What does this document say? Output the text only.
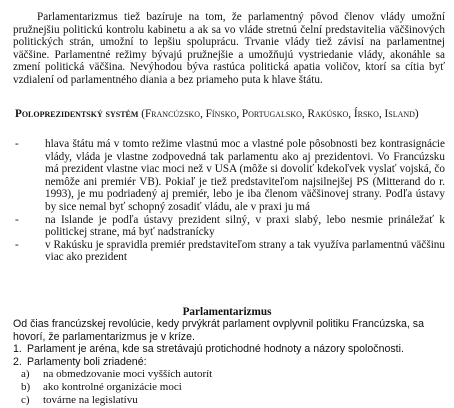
Parlamentarizmus tiež bazíruje na tom, že parlamentný pôvod členov vlády umožní pružnejšiu politickú kontrolu kabinetu a ak sa vo vláde stretnú čelní predstavitelia väčšinových politických strán, umožní to lepšiu spoluprácu. Trvanie vlády tiež závisí na parlamentnej väčšine. Parlamentné režimy bývajú pružnejšie a umožňujú vystriedanie vlády, akonáhle sa zmení politická väčšina. Nevýhodou býva rastúca politická apatia voličov, ktorí sa cítia byť vzdialení od parlamentného diania a bez priameho puta k hlave štátu.

Poloprezidentský systém (Francúzsko, Fínsko, Portugalsko, Rakúsko, Írsko, Island)
- hlava štátu má v tomto režime vlastnú moc a vlastné pole pôsobnosti bez kontrasignácie vlády, vláda je vlastne zodpovedná tak parlamentu ako aj prezidentovi. Vo Francúzsku má prezident vlastne viac moci než v USA (môže si dovoliť kdekoľvek vyslať vojská, čo nemôže ani premiér VB). Pokiaľ je tiež predstaviteľom najsilnejšej PS (Mitterand do r. 1993), je mu podriadený aj premiér, lebo je iba členom väčšinovej strany. Podľa ústavy by sice nemal byť schopný zosadiť vládu, ale v praxi ju má
- na Islande je podľa ústavy prezident silný, v praxi slabý, lebo nesmie prináležať k politickej strane, má byť nadstranícky
- v Rakúsku je spravidla premiér predstaviteľom strany a tak využíva parlamentnú väčšinu viac ako prezident
Parlamentarizmus
Od čias francúzskej revolúcie, kedy prvýkrát parlament ovplyvnil politiku Francúzska, sa hovorí, že parlamentarizmus je v kríze.
1. Parlament je aréna, kde sa stretávajú protichodné hodnoty a názory spoločnosti.
2. Parlamenty boli zriadené:
a) na obmedzovanie moci vyšších autorít
b) ako kontrolné organizácie moci
c) továrne na legislatívu
